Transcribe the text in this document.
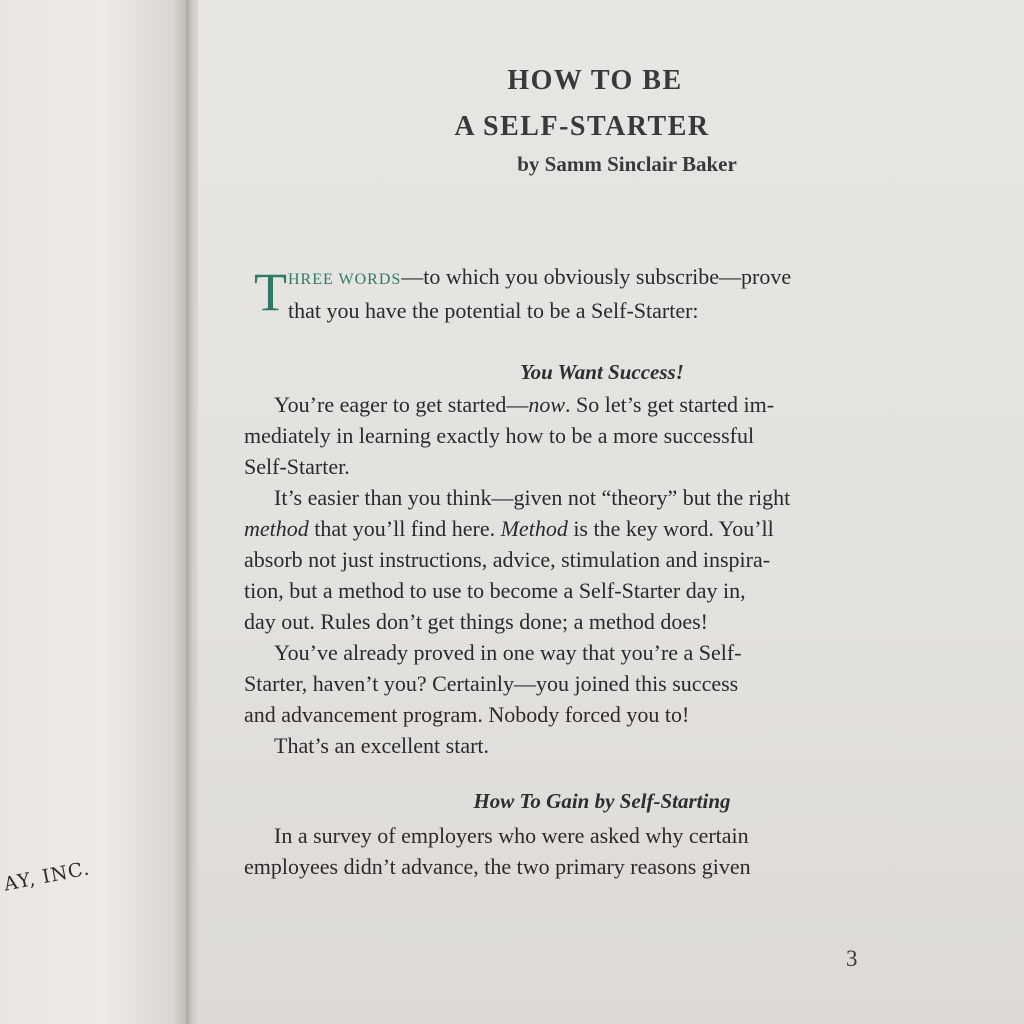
AY, INC.
HOW TO BE
A SELF-STARTER
by Samm Sinclair Baker
T HREE WORDS—to which you obviously subscribe—prove
that you have the potential to be a Self-Starter:
You Want Success!
You’re eager to get started—now. So let’s get started im-
mediately in learning exactly how to be a more successful
Self-Starter.
It’s easier than you think—given not “theory” but the right
method that you’ll find here. Method is the key word. You’ll
absorb not just instructions, advice, stimulation and inspira-
tion, but a method to use to become a Self-Starter day in,
day out. Rules don’t get things done; a method does!
You’ve already proved in one way that you’re a Self-
Starter, haven’t you? Certainly—you joined this success
and advancement program. Nobody forced you to!
That’s an excellent start.
How To Gain by Self-Starting
In a survey of employers who were asked why certain
employees didn’t advance, the two primary reasons given
3
